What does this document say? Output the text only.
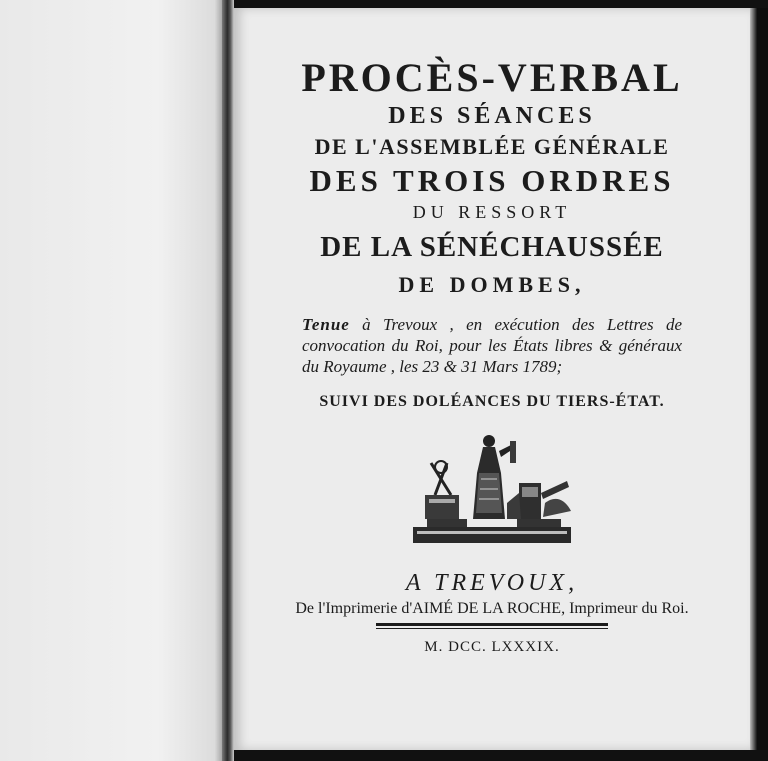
PROCÈS-VERBAL
DES SÉANCES
DE L'ASSEMBLÉE GÉNÉRALE
DES TROIS ORDRES
DU RESSORT
DE LA SÉNÉCHAUSSÉE
DE DOMBES,
Tenue à Trevoux , en exécution des Lettres de convocation du Roi, pour les États libres & généraux du Royaume , les 23 & 31 Mars 1789;
SUIVI DES DOLÉANCES DU TIERS-ÉTAT.
A TREVOUX,
De l'Imprimerie d'AIMÉ DE LA ROCHE, Imprimeur du Roi.
M. DCC. LXXXIX.
